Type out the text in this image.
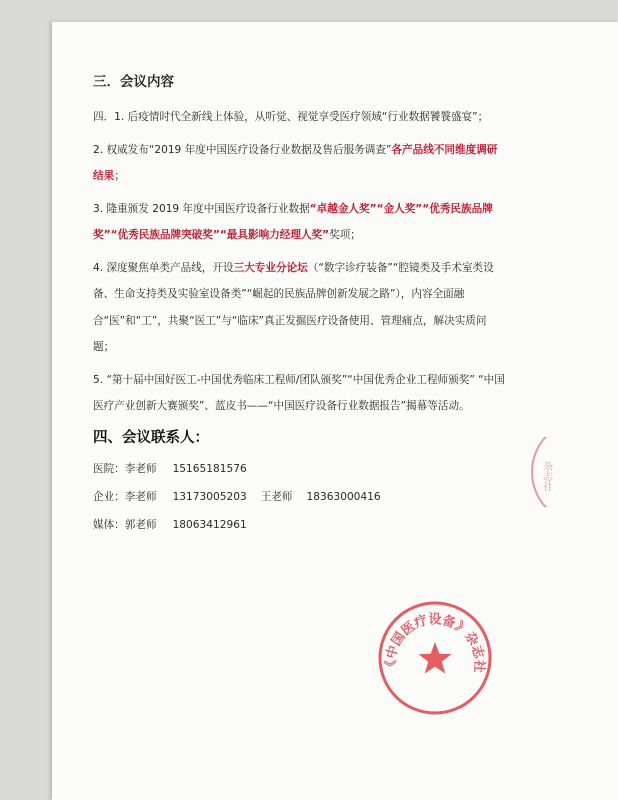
三．会议内容
四．1. 后疫情时代全新线上体验，从听觉、视觉享受医疗领域“行业数据饕餮盛宴”；
2. 权威发布“2019 年度中国医疗设备行业数据及售后服务调查”各产品线不同维度调研结果；
3. 隆重颁发 2019 年度中国医疗设备行业数据“卓越金人奖”“金人奖”“优秀民族品牌奖”“优秀民族品牌突破奖”“最具影响力经理人奖”奖项；
4. 深度聚焦单类产品线，开设三大专业分论坛（“数字诊疗装备”“腔镜类及手术室类设备、生命支持类及实验室设备类”“崛起的民族品牌创新发展之路”），内容全面融合“医”和“工”，共聚“医工”与“临床”真正发掘医疗设备使用、管理痛点，解决实质问题；
5. “第十届中国好医工-中国优秀临床工程师/团队颁奖”“中国优秀企业工程师颁奖” “中国医疗产业创新大赛颁奖”、蓝皮书——“中国医疗设备行业数据报告”揭幕等活动。
四、会议联系人：
医院：李老师 15165181576
企业：李老师 13173005203 王老师 18363000416
媒体：郭老师 18063412961
《中国医疗设备》杂志社
杂志社
